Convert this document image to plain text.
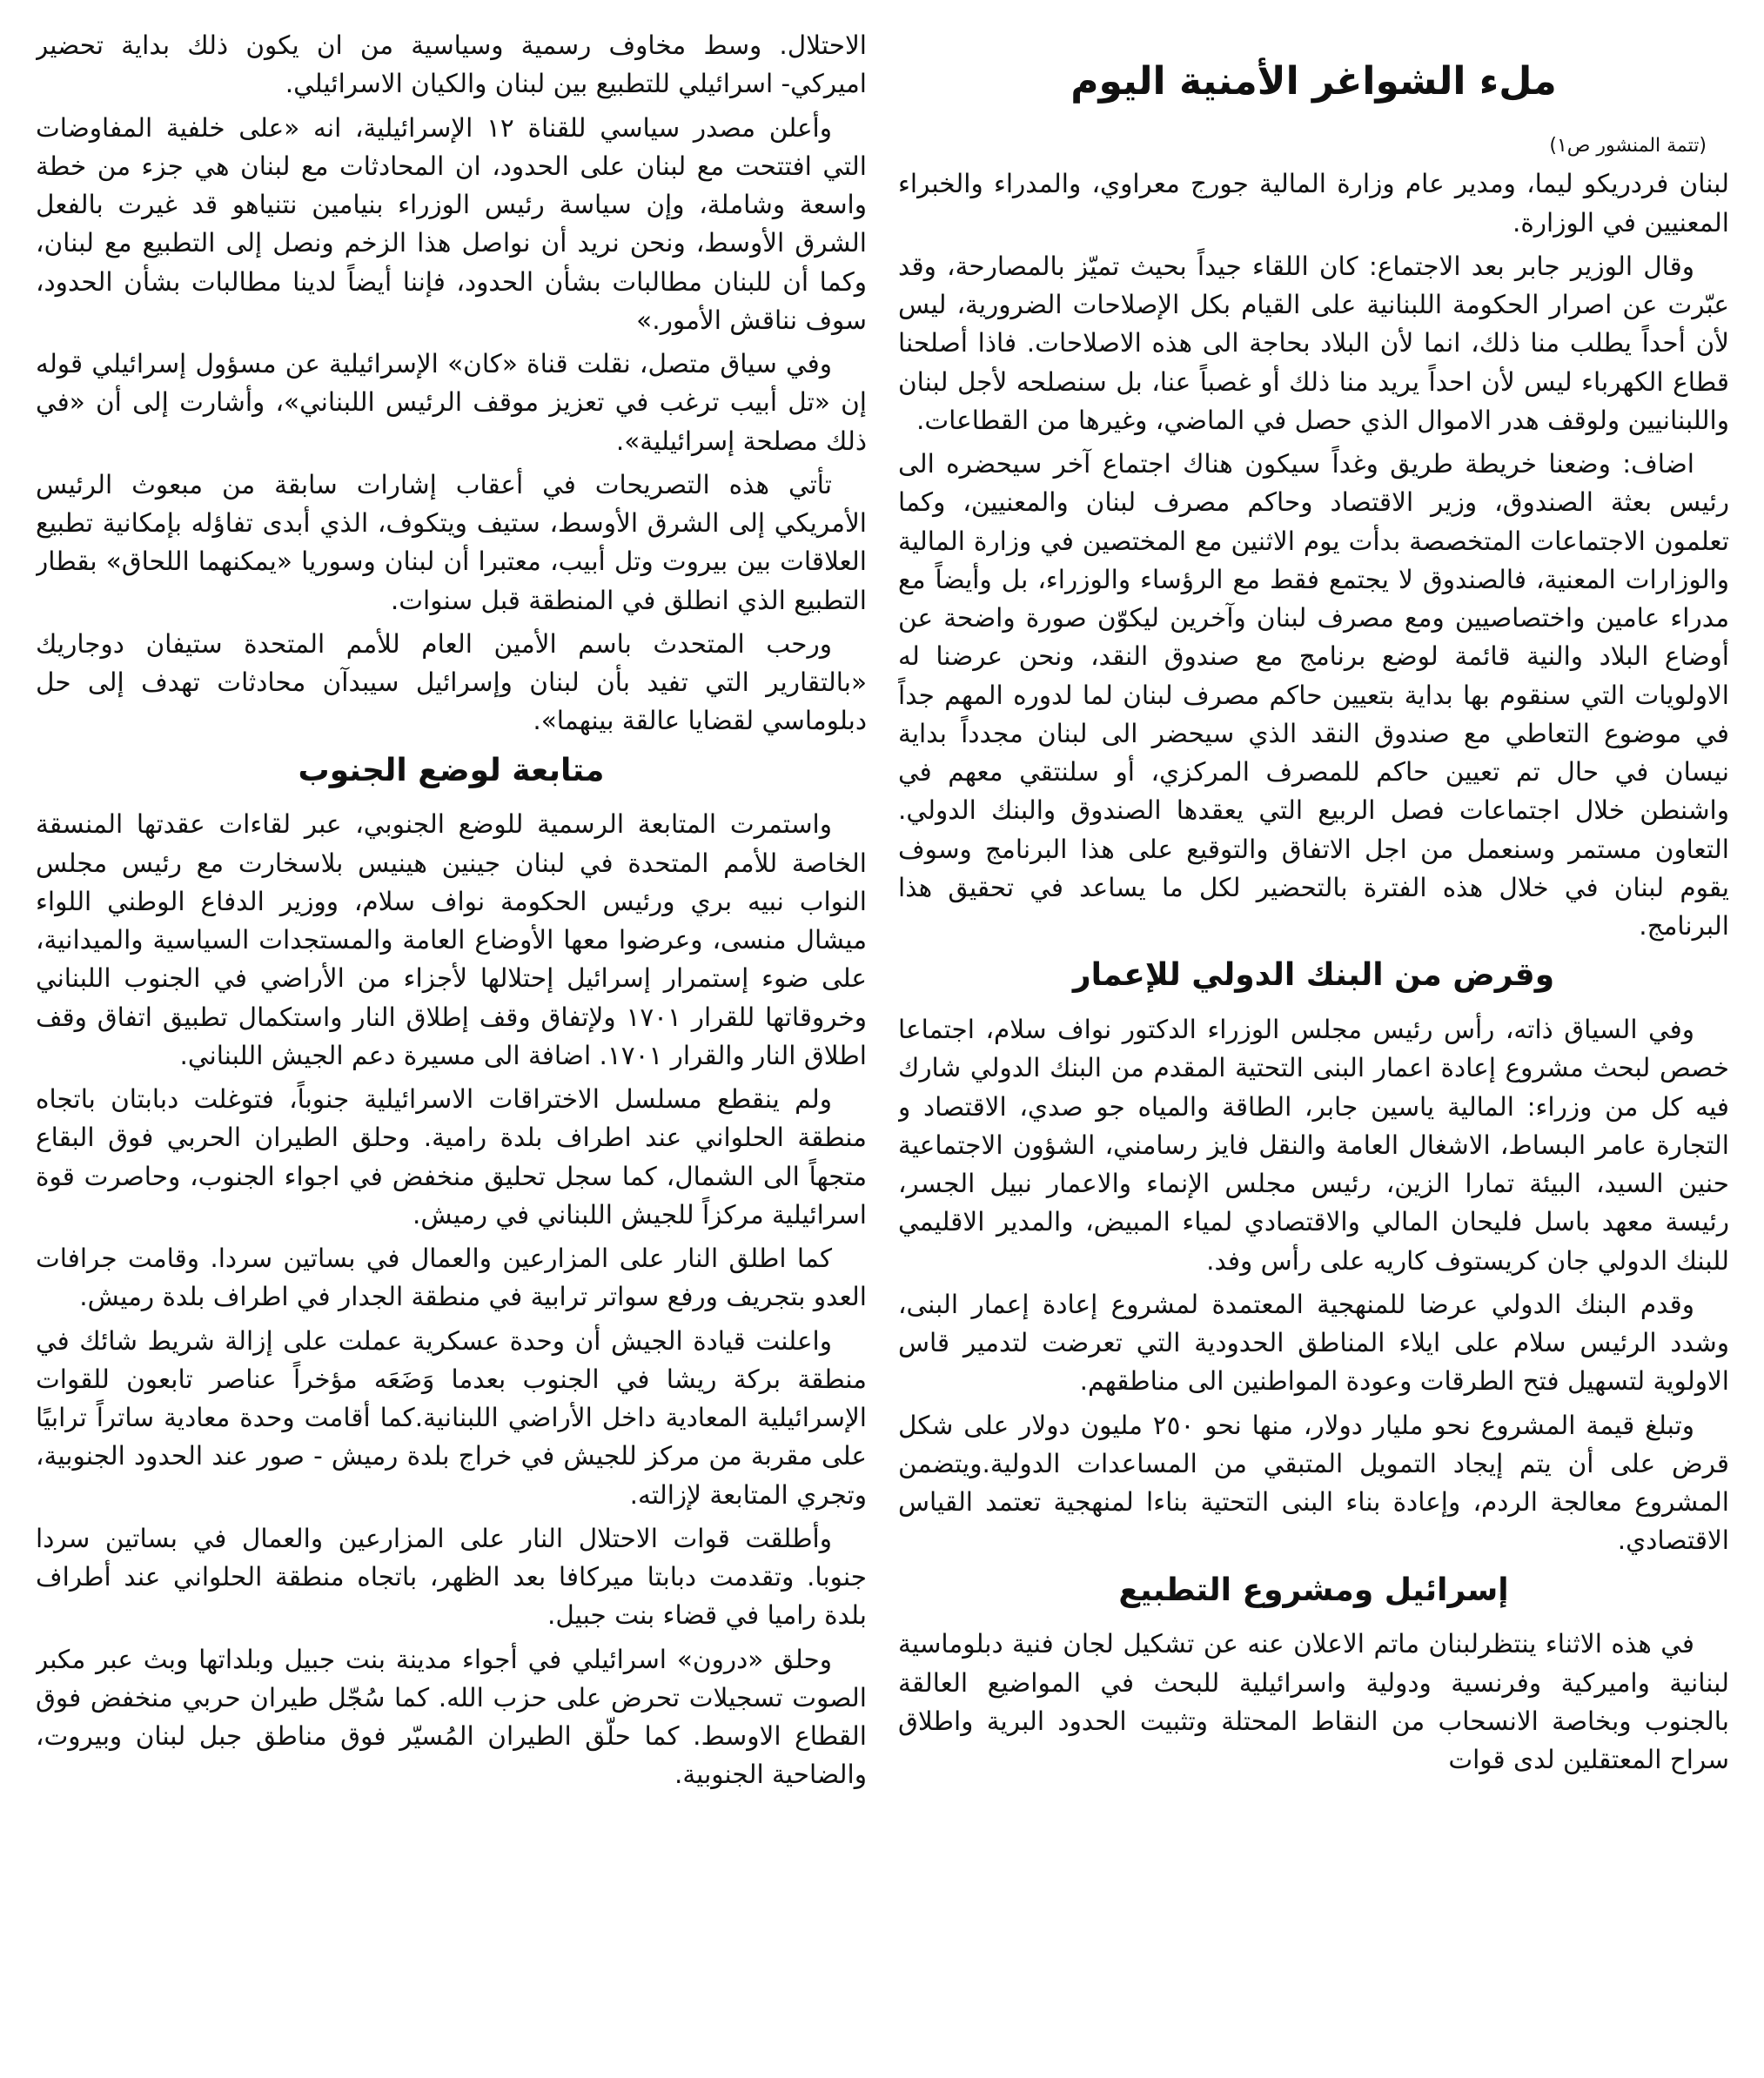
ملء الشواغر الأمنية اليوم
(تتمة المنشور ص١)
لبنان فردريكو ليما، ومدير عام وزارة المالية جورج معراوي، والمدراء والخبراء المعنيين في الوزارة.
وقال الوزير جابر بعد الاجتماع: كان اللقاء جيداً بحيث تميّز بالمصارحة، وقد عبّرت عن اصرار الحكومة اللبنانية على القيام بكل الإصلاحات الضرورية، ليس لأن أحداً يطلب منا ذلك، انما لأن البلاد بحاجة الى هذه الاصلاحات. فاذا أصلحنا قطاع الكهرباء ليس لأن احداً يريد منا ذلك أو غصباً عنا، بل سنصلحه لأجل لبنان واللبنانيين ولوقف هدر الاموال الذي حصل في الماضي، وغيرها من القطاعات.
اضاف: وضعنا خريطة طريق وغداً سيكون هناك اجتماع آخر سيحضره الى رئيس بعثة الصندوق، وزير الاقتصاد وحاكم مصرف لبنان والمعنيين، وكما تعلمون الاجتماعات المتخصصة بدأت يوم الاثنين مع المختصين في وزارة المالية والوزارات المعنية، فالصندوق لا يجتمع فقط مع الرؤساء والوزراء، بل وأيضاً مع مدراء عامين واختصاصيين ومع مصرف لبنان وآخرين ليكوّن صورة واضحة عن أوضاع البلاد والنية قائمة لوضع برنامج مع صندوق النقد، ونحن عرضنا له الاولويات التي سنقوم بها بداية بتعيين حاكم مصرف لبنان لما لدوره المهم جداً في موضوع التعاطي مع صندوق النقد الذي سيحضر الى لبنان مجدداً بداية نيسان في حال تم تعيين حاكم للمصرف المركزي، أو سلنتقي معهم في واشنطن خلال اجتماعات فصل الربيع التي يعقدها الصندوق والبنك الدولي. التعاون مستمر وسنعمل من اجل الاتفاق والتوقيع على هذا البرنامج وسوف يقوم لبنان في خلال هذه الفترة بالتحضير لكل ما يساعد في تحقيق هذا البرنامج.
وقرض من البنك الدولي للإعمار
وفي السياق ذاته، رأس رئيس مجلس الوزراء الدكتور نواف سلام، اجتماعا خصص لبحث مشروع إعادة اعمار البنى التحتية المقدم من البنك الدولي شارك فيه كل من وزراء: المالية ياسين جابر، الطاقة والمياه جو صدي، الاقتصاد و التجارة عامر البساط، الاشغال العامة والنقل فايز رسامني، الشؤون الاجتماعية حنين السيد، البيئة تمارا الزين، رئيس مجلس الإنماء والاعمار نبيل الجسر، رئيسة معهد باسل فليحان المالي والاقتصادي لمياء المبيض، والمدير الاقليمي للبنك الدولي جان كريستوف كاريه على رأس وفد.
وقدم البنك الدولي عرضا للمنهجية المعتمدة لمشروع إعادة إعمار البنى، وشدد الرئيس سلام على ايلاء المناطق الحدودية التي تعرضت لتدمير قاس الاولوية لتسهيل فتح الطرقات وعودة المواطنين الى مناطقهم.
وتبلغ قيمة المشروع نحو مليار دولار، منها نحو ٢٥٠ مليون دولار على شكل قرض على أن يتم إيجاد التمويل المتبقي من المساعدات الدولية.ويتضمن المشروع معالجة الردم، وإعادة بناء البنى التحتية بناءا لمنهجية تعتمد القياس الاقتصادي.
إسرائيل ومشروع التطبيع
في هذه الاثناء ينتظرلبنان ماتم الاعلان عنه عن تشكيل لجان فنية دبلوماسية لبنانية واميركية وفرنسية ودولية واسرائيلية للبحث في المواضيع العالقة بالجنوب وبخاصة الانسحاب من النقاط المحتلة وتثبيت الحدود البرية واطلاق سراح المعتقلين لدى قوات
الاحتلال. وسط مخاوف رسمية وسياسية من ان يكون ذلك بداية تحضير اميركي- اسرائيلي للتطبيع بين لبنان والكيان الاسرائيلي.
وأعلن مصدر سياسي للقناة ١٢ الإسرائيلية، انه «على خلفية المفاوضات التي افتتحت مع لبنان على الحدود، ان المحادثات مع لبنان هي جزء من خطة واسعة وشاملة، وإن سياسة رئيس الوزراء بنيامين نتنياهو قد غيرت بالفعل الشرق الأوسط، ونحن نريد أن نواصل هذا الزخم ونصل إلى التطبيع مع لبنان، وكما أن للبنان مطالبات بشأن الحدود، فإننا أيضاً لدينا مطالبات بشأن الحدود، سوف نناقش الأمور.»
وفي سياق متصل، نقلت قناة «كان» الإسرائيلية عن مسؤول إسرائيلي قوله إن «تل أبيب ترغب في تعزيز موقف الرئيس اللبناني»، وأشارت إلى أن «في ذلك مصلحة إسرائيلية».
تأتي هذه التصريحات في أعقاب إشارات سابقة من مبعوث الرئيس الأمريكي إلى الشرق الأوسط، ستيف ويتكوف، الذي أبدى تفاؤله بإمكانية تطبيع العلاقات بين بيروت وتل أبيب، معتبرا أن لبنان وسوريا «يمكنهما اللحاق» بقطار التطبيع الذي انطلق في المنطقة قبل سنوات.
ورحب المتحدث باسم الأمين العام للأمم المتحدة ستيفان دوجاريك «بالتقارير التي تفيد بأن لبنان وإسرائيل سيبدآن محادثات تهدف إلى حل دبلوماسي لقضايا عالقة بينهما».
متابعة لوضع الجنوب
واستمرت المتابعة الرسمية للوضع الجنوبي، عبر لقاءات عقدتها المنسقة الخاصة للأمم المتحدة في لبنان جينين هينيس بلاسخارت مع رئيس مجلس النواب نبيه بري ورئيس الحكومة نواف سلام، ووزير الدفاع الوطني اللواء ميشال منسى، وعرضوا معها الأوضاع العامة والمستجدات السياسية والميدانية، على ضوء إستمرار إسرائيل إحتلالها لأجزاء من الأراضي في الجنوب اللبناني وخروقاتها للقرار ١٧٠١ ولإتفاق وقف إطلاق النار واستكمال تطبيق اتفاق وقف اطلاق النار والقرار ١٧٠١. اضافة الى مسيرة دعم الجيش اللبناني.
ولم ينقطع مسلسل الاختراقات الاسرائيلية جنوباً، فتوغلت دبابتان باتجاه منطقة الحلواني عند اطراف بلدة رامية. وحلق الطيران الحربي فوق البقاع متجهاً الى الشمال، كما سجل تحليق منخفض في اجواء الجنوب، وحاصرت قوة اسرائيلية مركزاً للجيش اللبناني في رميش.
كما اطلق النار على المزارعين والعمال في بساتين سردا. وقامت جرافات العدو بتجريف ورفع سواتر ترابية في منطقة الجدار في اطراف بلدة رميش.
واعلنت قيادة الجيش أن وحدة عسكرية عملت على إزالة شريط شائك في منطقة بركة ريشا في الجنوب بعدما وَضَعَه مؤخراً عناصر تابعون للقوات الإسرائيلية المعادية داخل الأراضي اللبنانية.كما أقامت وحدة معادية ساتراً ترابيًا على مقربة من مركز للجيش في خراج بلدة رميش - صور عند الحدود الجنوبية، وتجري المتابعة لإزالته.
وأطلقت قوات الاحتلال النار على المزارعين والعمال في بساتين سردا جنوبا. وتقدمت دبابتا ميركافا بعد الظهر، باتجاه منطقة الحلواني عند أطراف بلدة راميا في قضاء بنت جبيل.
وحلق «درون» اسرائيلي في أجواء مدينة بنت جبيل وبلداتها وبث عبر مكبر الصوت تسجيلات تحرض على حزب الله. كما سُجّل طيران حربي منخفض فوق القطاع الاوسط. كما حلّق الطيران المُسيّر فوق مناطق جبل لبنان وبيروت، والضاحية الجنوبية.
